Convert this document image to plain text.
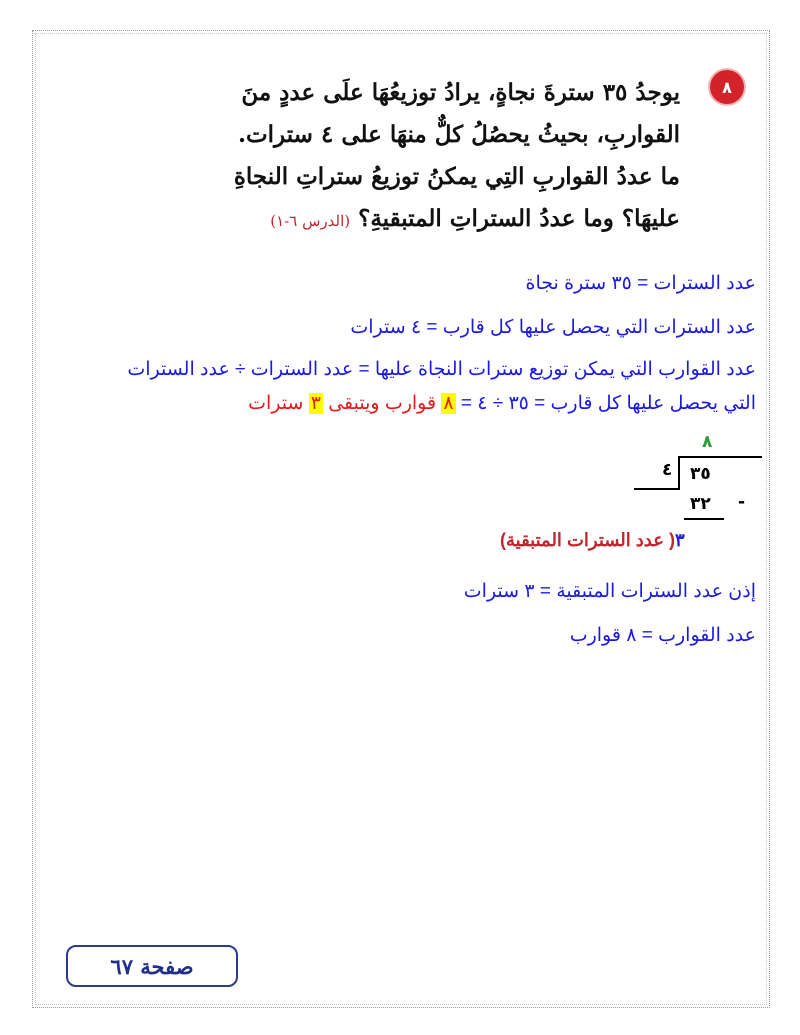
٨
يوجدُ ٣٥ سترةَ نجاةٍ، يرادُ توزيعُهَا علَى عددٍ منَ
القواربِ، بحيثُ يحصُلُ كلٌّ منهَا على ٤ سترات.
ما عددُ القواربِ التِي يمكنُ توزيعُ ستراتِ النجاةِ
عليهَا؟ وما عددُ الستراتِ المتبقيةِ؟ (الدرس ٦-١)
عدد السترات = ٣٥ سترة نجاة
عدد السترات التي يحصل عليها كل قارب = ٤ سترات
عدد القوارب التي يمكن توزيع سترات النجاة عليها = عدد السترات ÷ عدد السترات
التي يحصل عليها كل قارب = ٣٥ ÷ ٤ = ٨ قوارب ويتبقى ٣ سترات
٨
٤ ٣٥
٣٢ -
٣( عدد السترات المتبقية)
إذن عدد السترات المتبقية = ٣ سترات
عدد القوارب = ٨ قوارب
صفحة ٦٧
